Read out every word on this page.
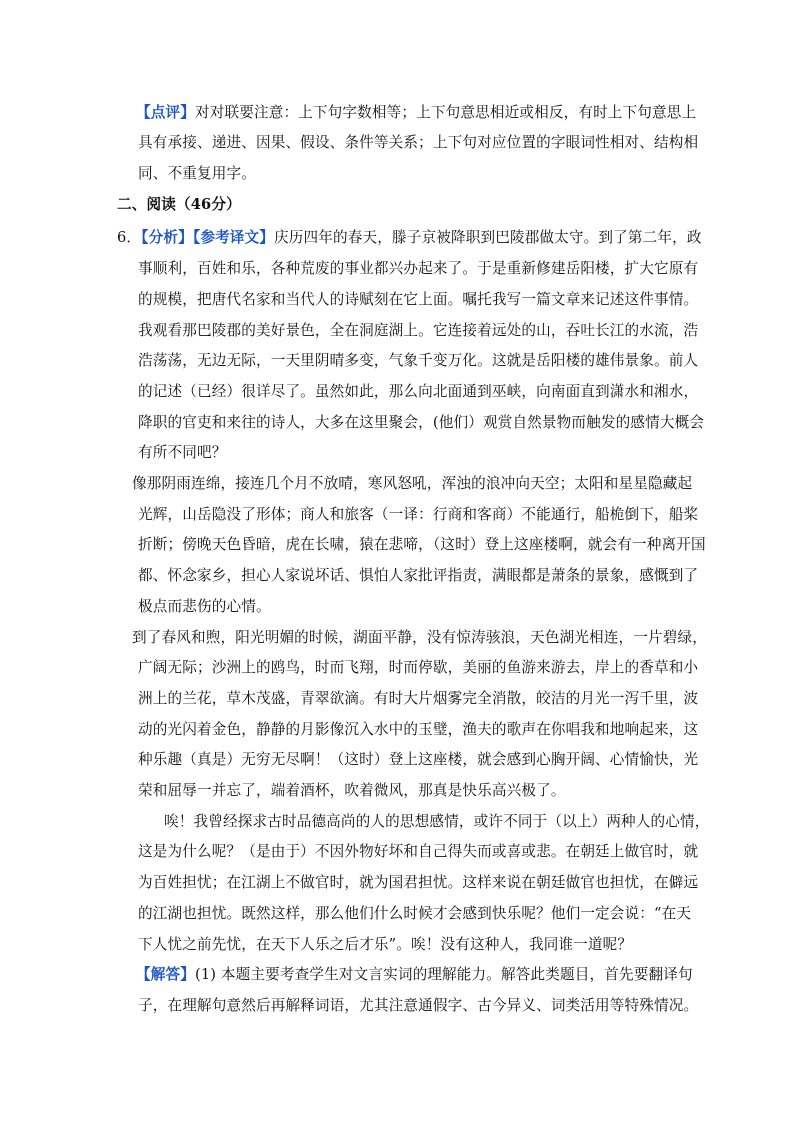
【点评】对对联要注意：上下句字数相等；上下句意思相近或相反，有时上下句意思上
具有承接、递进、因果、假设、条件等关系；上下句对应位置的字眼词性相对、结构相
同、不重复用字。
二、阅读（46分）
6．【分析】【参考译文】庆历四年的春天，滕子京被降职到巴陵郡做太守。到了第二年，政
事顺利，百姓和乐，各种荒废的事业都兴办起来了。于是重新修建岳阳楼，扩大它原有
的规模，把唐代名家和当代人的诗赋刻在它上面。嘱托我写一篇文章来记述这件事情。
我观看那巴陵郡的美好景色，全在洞庭湖上。它连接着远处的山，吞吐长江的水流，浩
浩荡荡，无边无际，一天里阴晴多变，气象千变万化。这就是岳阳楼的雄伟景象。前人
的记述（已经）很详尽了。虽然如此，那么向北面通到巫峡，向南面直到潇水和湘水，
降职的官吏和来往的诗人，大多在这里聚会，(他们）观赏自然景物而触发的感情大概会
有所不同吧？
像那阴雨连绵，接连几个月不放晴，寒风怒吼，浑浊的浪冲向天空；太阳和星星隐藏起
光辉，山岳隐没了形体；商人和旅客（一译：行商和客商）不能通行，船桅倒下，船桨
折断；傍晚天色昏暗，虎在长啸，猿在悲啼，（这时）登上这座楼啊，就会有一种离开国
都、怀念家乡，担心人家说坏话、惧怕人家批评指责，满眼都是萧条的景象，感慨到了
极点而悲伤的心情。
到了春风和煦，阳光明媚的时候，湖面平静，没有惊涛骇浪，天色湖光相连，一片碧绿，
广阔无际；沙洲上的鸥鸟，时而飞翔，时而停歇，美丽的鱼游来游去，岸上的香草和小
洲上的兰花，草木茂盛，青翠欲滴。有时大片烟雾完全消散，皎洁的月光一泻千里，波
动的光闪着金色，静静的月影像沉入水中的玉璧，渔夫的歌声在你唱我和地响起来，这
种乐趣（真是）无穷无尽啊！（这时）登上这座楼，就会感到心胸开阔、心情愉快，光
荣和屈辱一并忘了，端着酒杯，吹着微风，那真是快乐高兴极了。
唉！我曾经探求古时品德高尚的人的思想感情，或许不同于（以上）两种人的心情，
这是为什么呢？（是由于）不因外物好坏和自己得失而或喜或悲。在朝廷上做官时，就
为百姓担忧；在江湖上不做官时，就为国君担忧。这样来说在朝廷做官也担忧，在僻远
的江湖也担忧。既然这样，那么他们什么时候才会感到快乐呢？他们一定会说：“在天
下人忧之前先忧，在天下人乐之后才乐”。唉！没有这种人，我同谁一道呢？
【解答】(1) 本题主要考查学生对文言实词的理解能力。解答此类题目，首先要翻译句
子，在理解句意然后再解释词语，尤其注意通假字、古今异义、词类活用等特殊情况。
